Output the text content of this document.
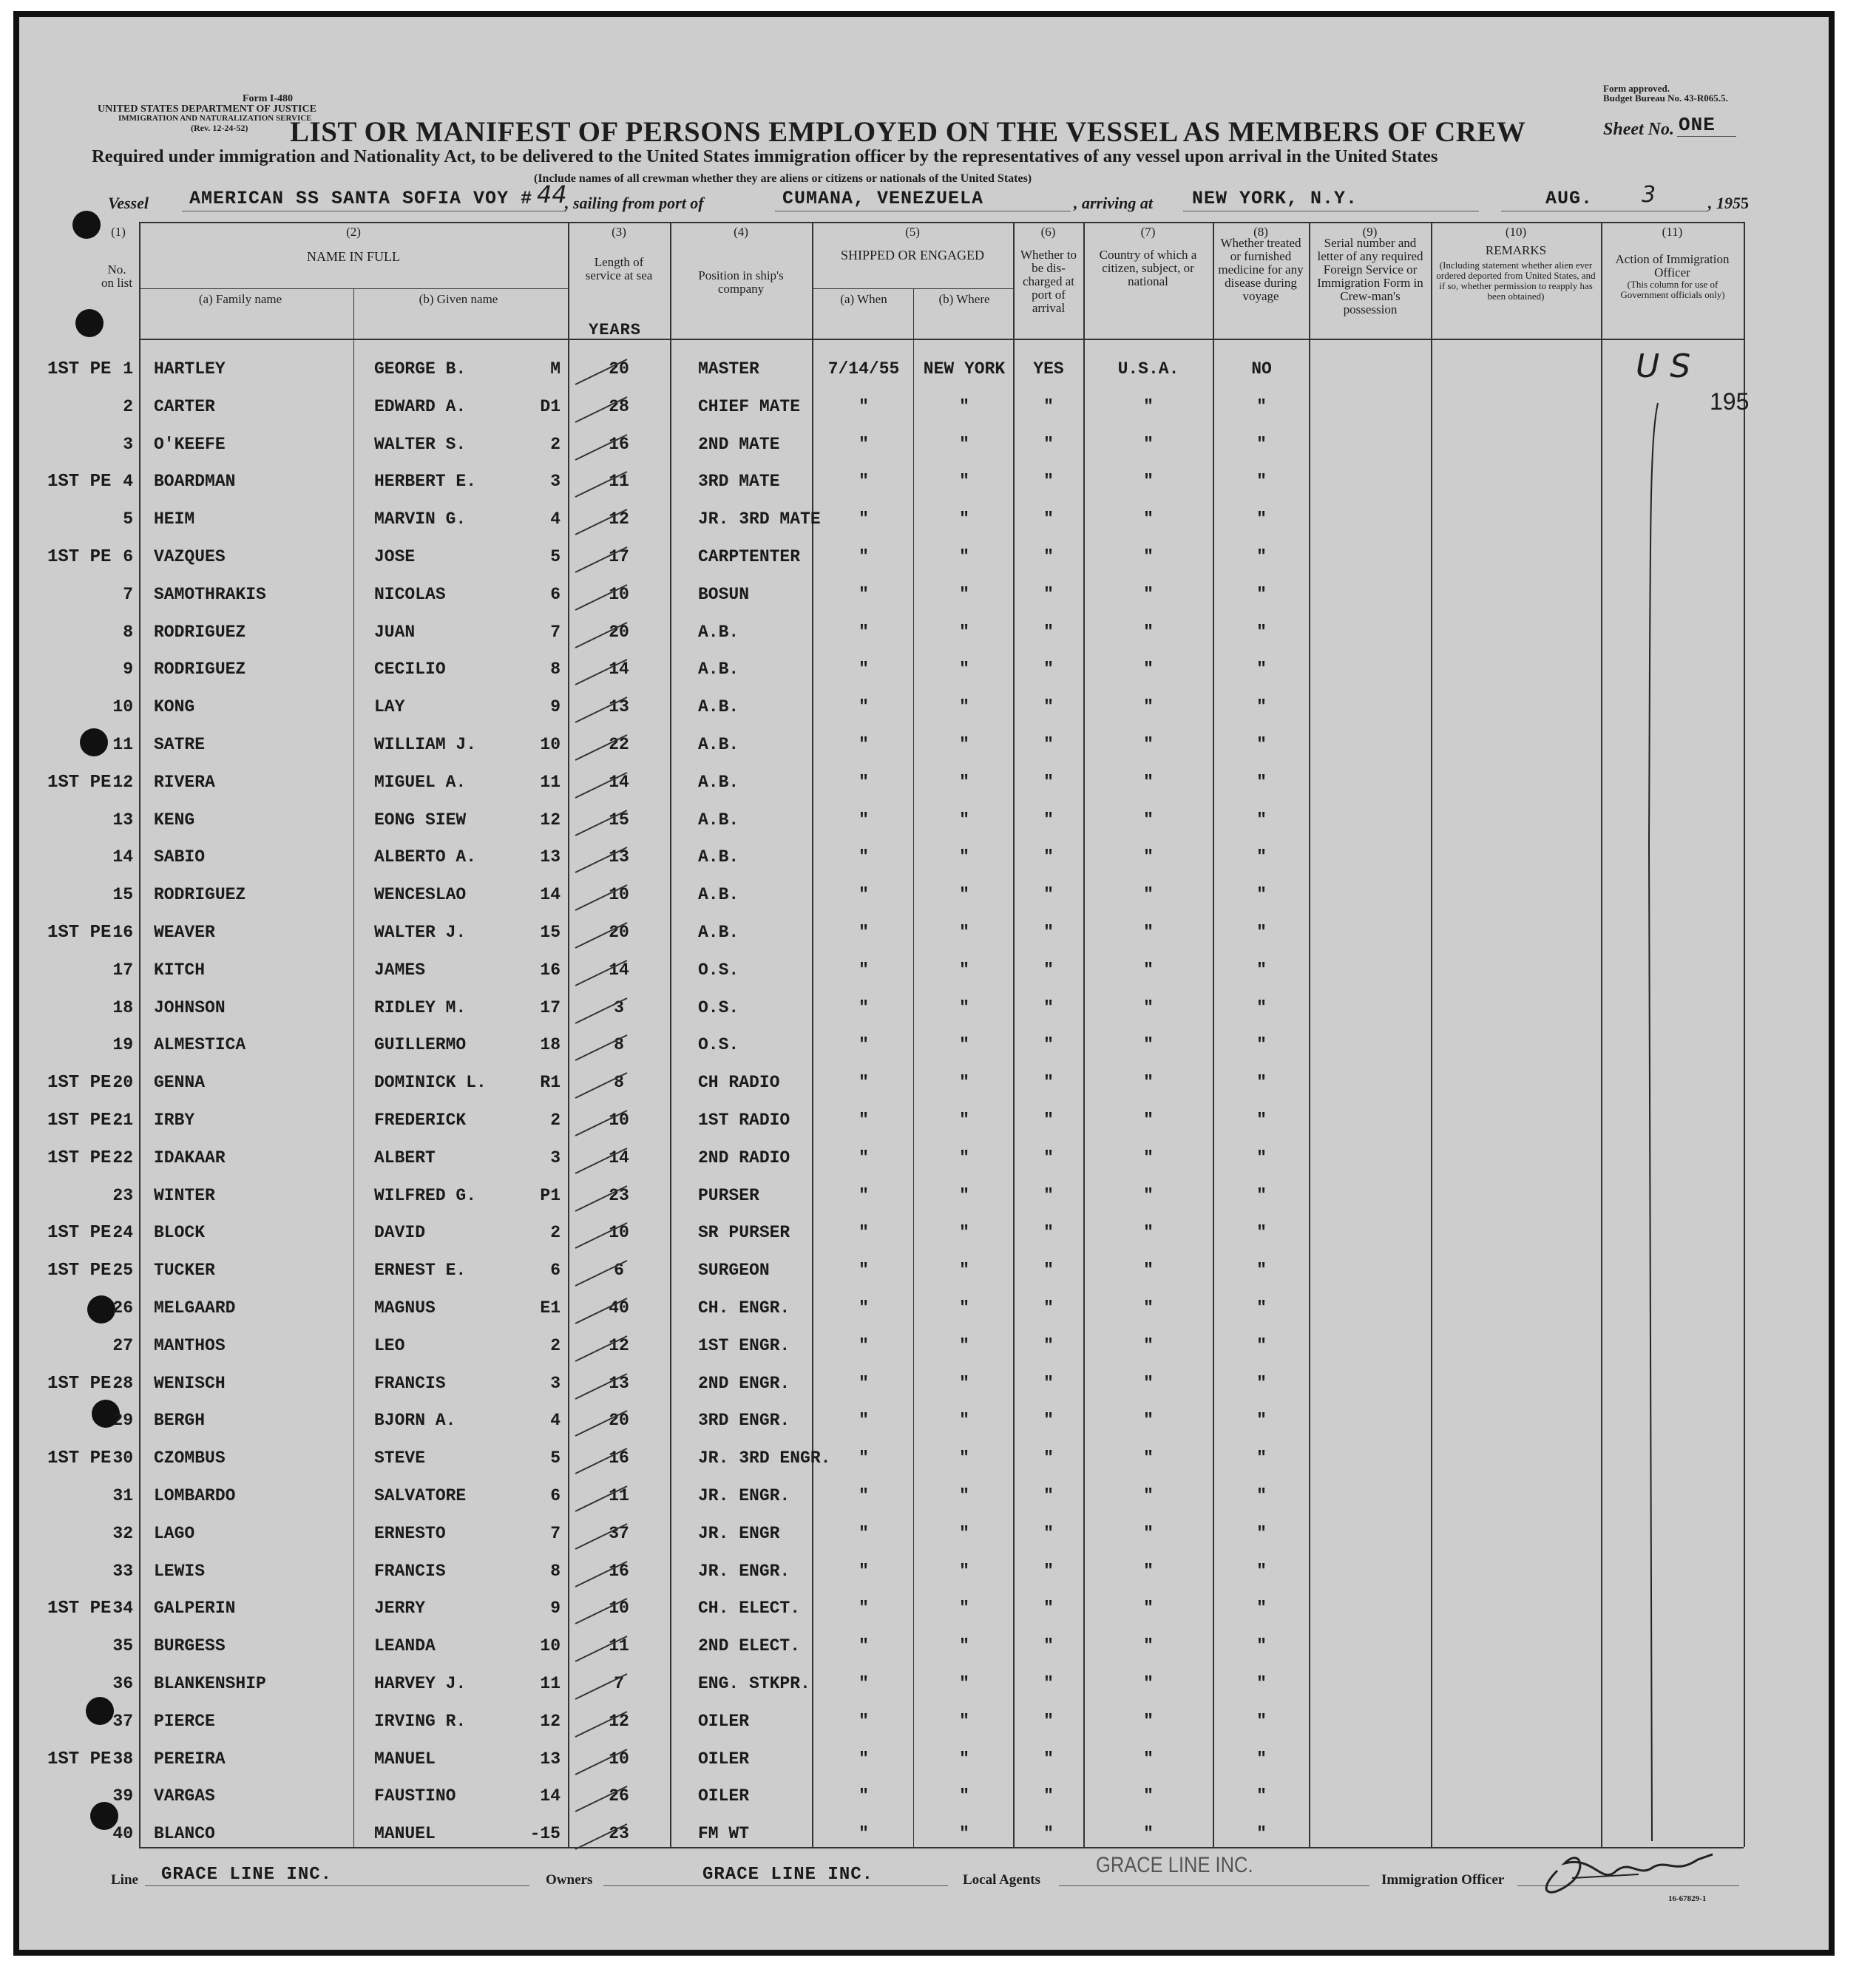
Form I-480
UNITED STATES DEPARTMENT OF JUSTICE
IMMIGRATION AND NATURALIZATION SERVICE
(Rev. 12-24-52)
Form approved.
Budget Bureau No. 43-R065.5.
LIST OR MANIFEST OF PERSONS EMPLOYED ON THE VESSEL AS MEMBERS OF CREW	Sheet No. ONE
Required under immigration and Nationality Act, to be delivered to the United States immigration officer by the representatives of any vessel upon arrival in the United States
(Include names of all crewman whether they are aliens or citizens or nationals of the United States)
Vessel AMERICAN SS SANTA SOFIA VOY # 44
, sailing from port of	CUMANA, VENEZUELA	, arriving at NEW YORK, N.Y.	AUG. 3	, 1955
(1)
No. on list
(2)
NAME IN FULL
(a) Family name	(b) Given name
(3)
Length of service at sea
YEARS
(4)
Position in ship's company
(5)
SHIPPED OR ENGAGED
(a) When	(b) Where
(6)
Whether to be dis-charged at port of arrival
(7)
Country of which a citizen, subject, or national
(8)
Whether treated or furnished medicine for any disease during voyage
(9)
Serial number and letter of any required Foreign Service or Immigration Form in Crew-man's possession
(10)
REMARKS
(Including statement whether alien ever ordered deported from United States, and if so, whether permission to reapply has been obtained)
(11)
Action of Immigration Officer
(This column for use of Government officials only)
1ST PE 1 HARTLEY	GEORGE B.	M	20	MASTER	7/14/55	NEW YORK	YES	U.S.A.	NO
2 CARTER	EDWARD A.	D1	28	CHIEF MATE	"	"	"	"	"
3 O'KEEFE	WALTER S.	2	16	2ND MATE	"	"	"	"	"
1ST PE 4 BOARDMAN	HERBERT E.	3	11	3RD MATE	"	"	"	"	"
5 HEIM	MARVIN G.	4	12	JR. 3RD MATE	"	"	"	"	"
1ST PE 6 VAZQUES	JOSE	5	17	CARPTENTER	"	"	"	"	"
7 SAMOTHRAKIS	NICOLAS	6	10	BOSUN	"	"	"	"	"
8 RODRIGUEZ	JUAN	7	20	A.B.	"	"	"	"	"
9 RODRIGUEZ	CECILIO	8	14	A.B.	"	"	"	"	"
10 KONG	LAY	9	13	A.B.	"	"	"	"	"
11 SATRE	WILLIAM J.	10	22	A.B.	"	"	"	"	"
1ST PE 12 RIVERA	MIGUEL A.	11	14	A.B.	"	"	"	"	"
13 KENG	EONG SIEW	12	15	A.B.	"	"	"	"	"
14 SABIO	ALBERTO A.	13	13	A.B.	"	"	"	"	"
15 RODRIGUEZ	WENCESLAO	14	10	A.B.	"	"	"	"	"
1ST PE 16 WEAVER	WALTER J.	15	20	A.B.	"	"	"	"	"
17 KITCH	JAMES	16	14	O.S.	"	"	"	"	"
18 JOHNSON	RIDLEY M.	17	3	O.S.	"	"	"	"	"
19 ALMESTICA	GUILLERMO	18	8	O.S.	"	"	"	"	"
1ST PE 20 GENNA	DOMINICK L.	R1	8	CH RADIO	"	"	"	"	"
1ST PE 21 IRBY	FREDERICK	2	10	1ST RADIO	"	"	"	"	"
1ST PE 22 IDAKAAR	ALBERT	3	14	2ND RADIO	"	"	"	"	"
23 WINTER	WILFRED G.	P1	23	PURSER	"	"	"	"	"
1ST PE 24 BLOCK	DAVID	2	10	SR PURSER	"	"	"	"	"
1ST PE 25 TUCKER	ERNEST E.	6	6	SURGEON	"	"	"	"	"
26 MELGAARD	MAGNUS	E1	40	CH. ENGR.	"	"	"	"	"
27 MANTHOS	LEO	2	12	1ST ENGR.	"	"	"	"	"
1ST PE 28 WENISCH	FRANCIS	3	13	2ND ENGR.	"	"	"	"	"
29 BERGH	BJORN A.	4	20	3RD ENGR.	"	"	"	"	"
1ST PE 30 CZOMBUS	STEVE	5	16	JR. 3RD ENGR.	"	"	"	"	"
31 LOMBARDO	SALVATORE	6	11	JR. ENGR.	"	"	"	"	"
32 LAGO	ERNESTO	7	37	JR. ENGR	"	"	"	"	"
33 LEWIS	FRANCIS	8	16	JR. ENGR.	"	"	"	"	"
1ST PE 34 GALPERIN	JERRY	9	10	CH. ELECT.	"	"	"	"	"
35 BURGESS	LEANDA	10	11	2ND ELECT.	"	"	"	"	"
36 BLANKENSHIP	HARVEY J.	11	7	ENG. STKPR.	"	"	"	"	"
37 PIERCE	IRVING R.	12	12	OILER	"	"	"	"	"
1ST PE 38 PEREIRA	MANUEL	13	10	OILER	"	"	"	"	"
39 VARGAS	FAUSTINO	14	26	OILER	"	"	"	"	"
40 BLANCO	MANUEL	-15	23	FM WT	"	"	"	"	"
U S
195
Line GRACE LINE INC.	Owners	GRACE LINE INC.	Local Agents
GRACE LINE INC.
Immigration Officer
16-67829-1
